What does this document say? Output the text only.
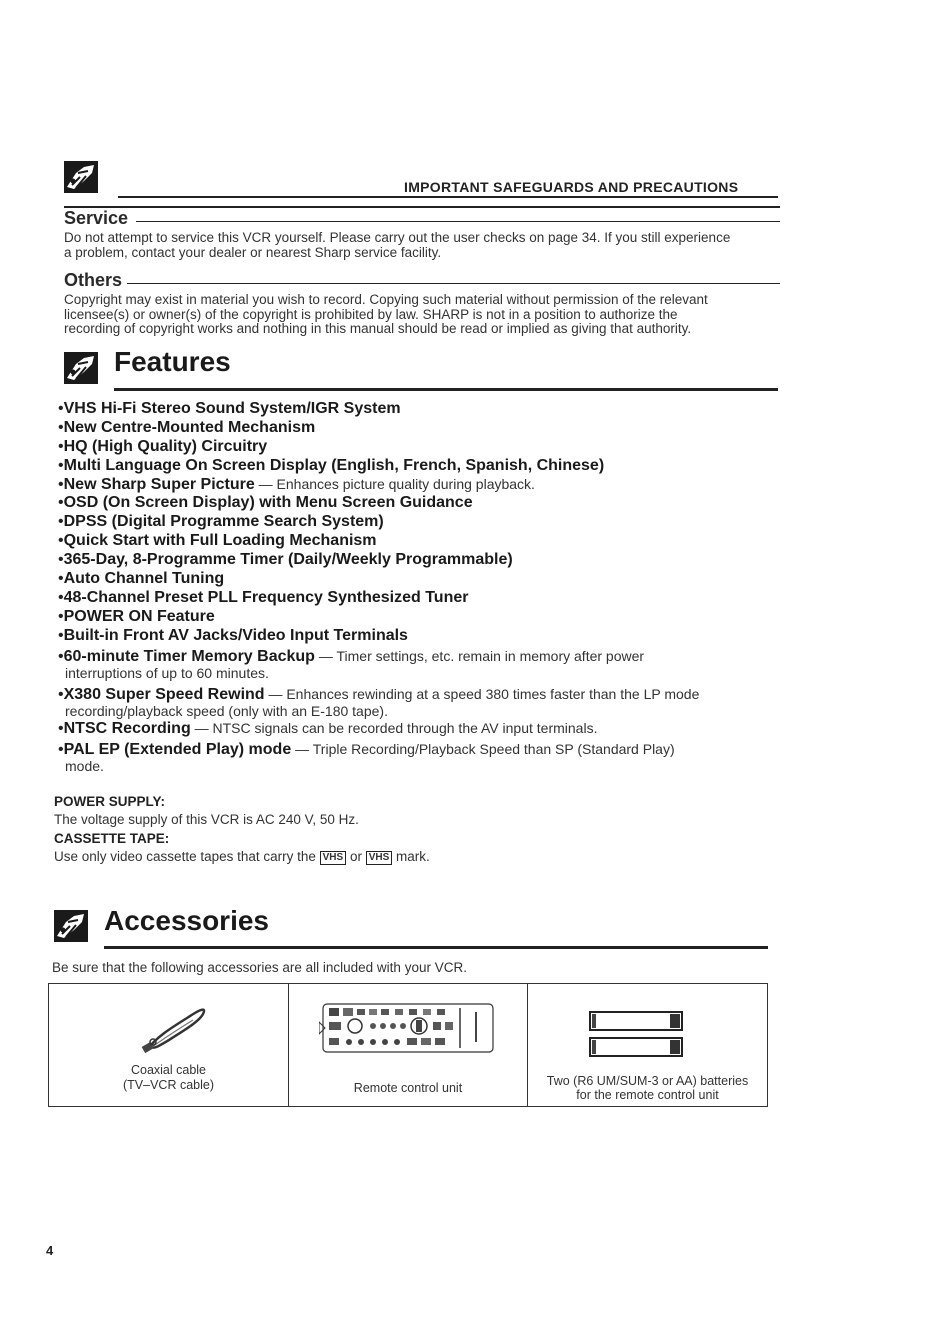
IMPORTANT SAFEGUARDS AND PRECAUTIONS
Service
Do not attempt to service this VCR yourself. Please carry out the user checks on page 34. If you still experience
a problem, contact your dealer or nearest Sharp service facility.
Others
Copyright may exist in material you wish to record. Copying such material without permission of the relevant
licensee(s) or owner(s) of the copyright is prohibited by law. SHARP is not in a position to authorize the
recording of copyright works and nothing in this manual should be read or implied as giving that authority.
Features
•VHS Hi-Fi Stereo Sound System/IGR System
•New Centre-Mounted Mechanism
•HQ (High Quality) Circuitry
•Multi Language On Screen Display (English, French, Spanish, Chinese)
•New Sharp Super Picture — Enhances picture quality during playback.
•OSD (On Screen Display) with Menu Screen Guidance
•DPSS (Digital Programme Search System)
•Quick Start with Full Loading Mechanism
•365-Day, 8-Programme Timer (Daily/Weekly Programmable)
•Auto Channel Tuning
•48-Channel Preset PLL Frequency Synthesized Tuner
•POWER ON Feature
•Built-in Front AV Jacks/Video Input Terminals
•60-minute Timer Memory Backup — Timer settings, etc. remain in memory after power
interruptions of up to 60 minutes.
•X380 Super Speed Rewind — Enhances rewinding at a speed 380 times faster than the LP mode
recording/playback speed (only with an E-180 tape).
•NTSC Recording — NTSC signals can be recorded through the AV input terminals.
•PAL EP (Extended Play) mode — Triple Recording/Playback Speed than SP (Standard Play)
mode.
POWER SUPPLY:
The voltage supply of this VCR is AC 240 V, 50 Hz.
CASSETTE TAPE:
Use only video cassette tapes that carry the VHS or VHS mark.
Accessories
Be sure that the following accessories are all included with your VCR.
Coaxial cable
(TV–VCR cable)	Remote control unit	Two (R6 UM/SUM-3 or AA) batteries
for the remote control unit
4
